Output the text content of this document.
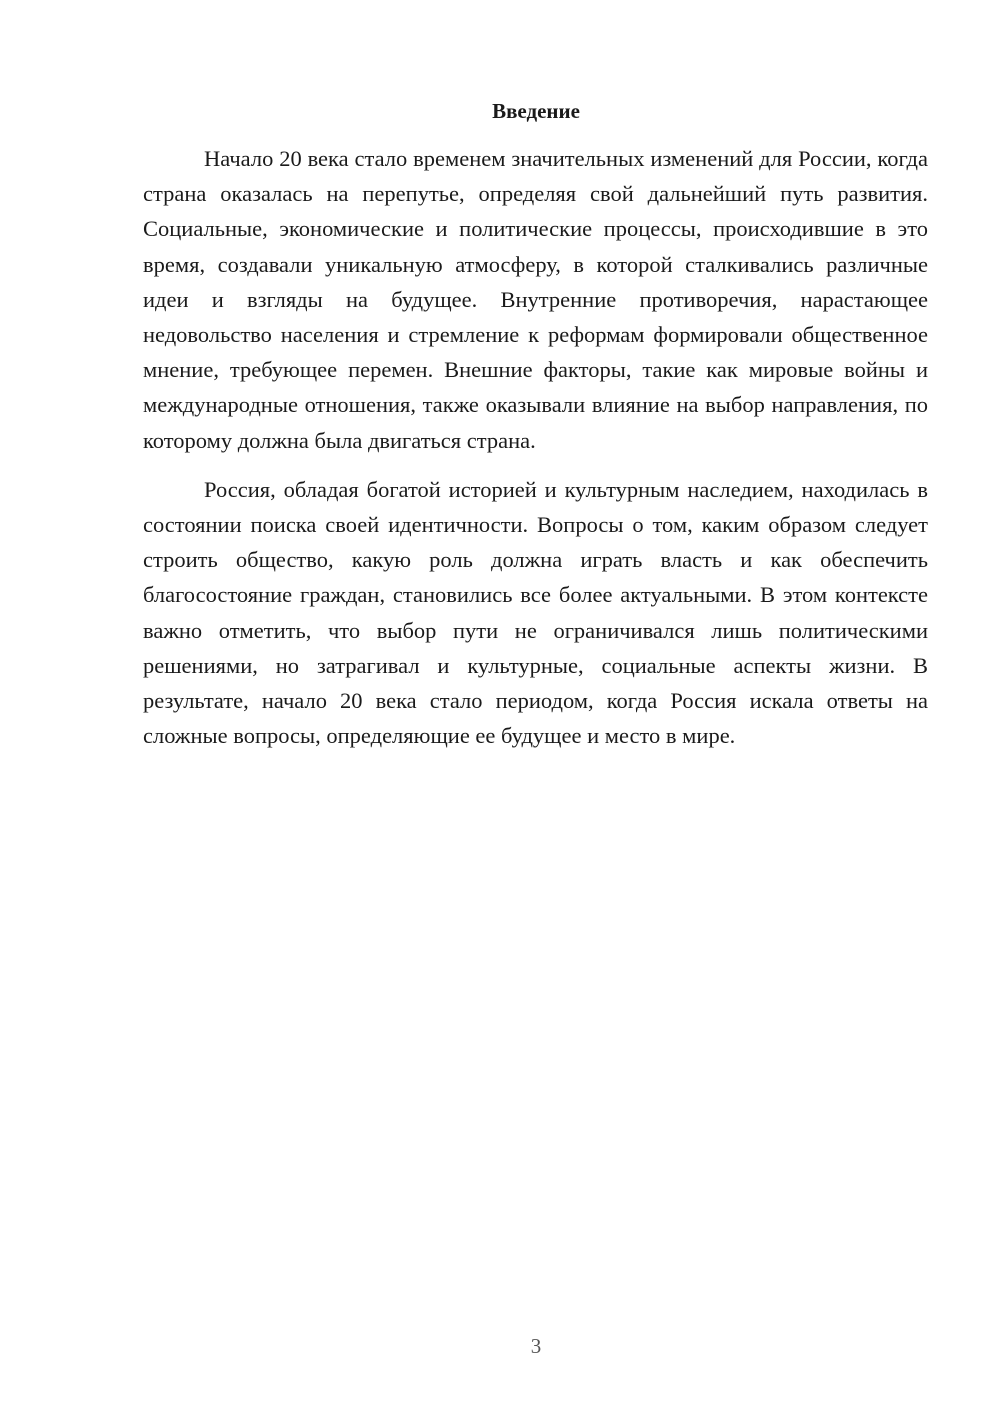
Введение

Начало 20 века стало временем значительных изменений для России, когда страна оказалась на перепутье, определяя свой дальнейший путь развития. Социальные, экономические и политические процессы, происходившие в это время, создавали уникальную атмосферу, в которой сталкивались различные идеи и взгляды на будущее. Внутренние противоречия, нарастающее недовольство населения и стремление к реформам формировали общественное мнение, требующее перемен. Внешние факторы, такие как мировые войны и международные отношения, также оказывали влияние на выбор направления, по которому должна была двигаться страна.

Россия, обладая богатой историей и культурным наследием, находилась в состоянии поиска своей идентичности. Вопросы о том, каким образом следует строить общество, какую роль должна играть власть и как обеспечить благосостояние граждан, становились все более актуальными. В этом контексте важно отметить, что выбор пути не ограничивался лишь политическими решениями, но затрагивал и культурные, социальные аспекты жизни. В результате, начало 20 века стало периодом, когда Россия искала ответы на сложные вопросы, определяющие ее будущее и место в мире.

3
